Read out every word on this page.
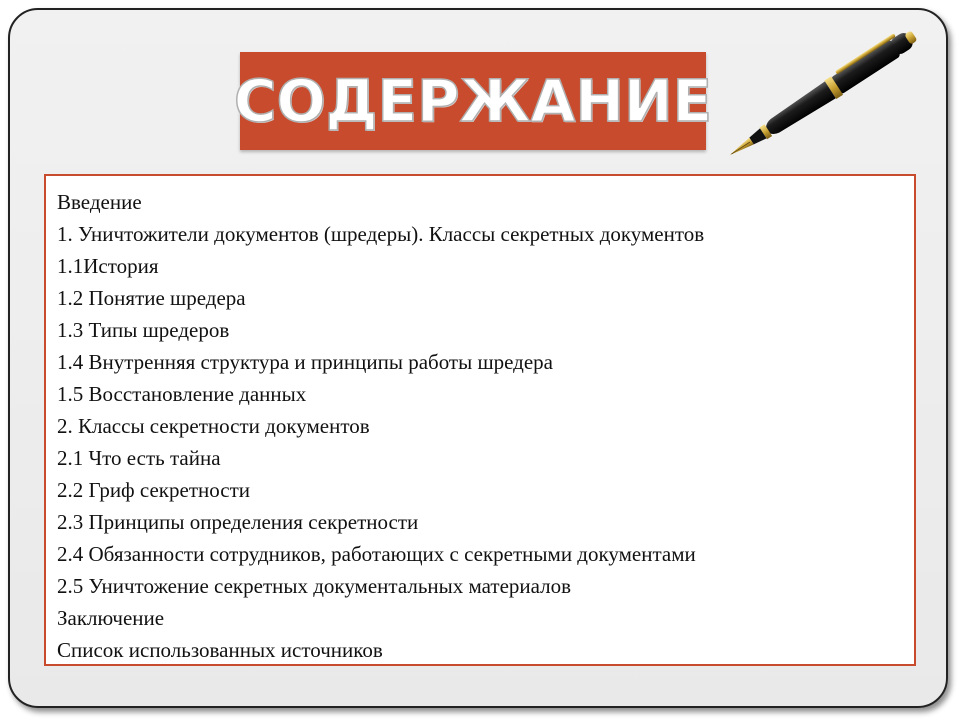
СОДЕРЖАНИЕ
Введение
1. Уничтожители документов (шредеры). Классы секретных документов
1.1История
1.2 Понятие шредера
1.3 Типы шредеров
1.4 Внутренняя структура и принципы работы шредера
1.5 Восстановление данных
2. Классы секретности документов
2.1 Что есть тайна
2.2 Гриф секретности
2.3 Принципы определения секретности
2.4 Обязанности сотрудников, работающих с секретными документами
2.5 Уничтожение секретных документальных материалов
Заключение
Список использованных источников
